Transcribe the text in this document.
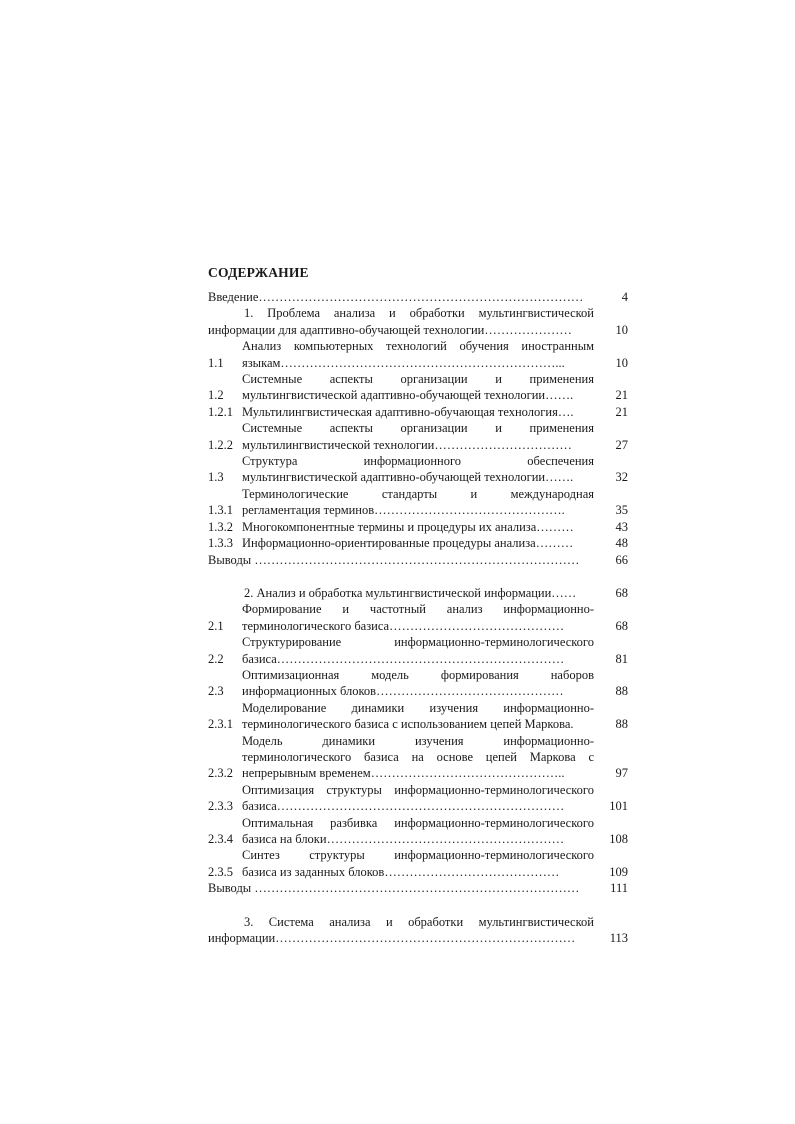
СОДЕРЖАНИЕ
Введение……………………………………………………………………	4
1. Проблема анализа и обработки мультингвистической
информации для адаптивно-обучающей технологии…………………	10
1.1
Анализ компьютерных технологий обучения иностранным
языкам…………………………………………………………...	10
1.2
Системные аспекты организации и применения
мультингвистической адаптивно-обучающей технологии…….	21
1.2.1 Мультилингвистическая адаптивно-обучающая технология….	21
1.2.2
Системные аспекты организации и применения
мультилингвистической технологии……………………………	27
1.3
Структура информационного обеспечения
мультингвистической адаптивно-обучающей технологии…….	32
1.3.1
Терминологические стандарты и международная
регламентация терминов……………………………………….	35
1.3.2 Многокомпонентные термины и процедуры их анализа………	43
1.3.3 Информационно-ориентированные процедуры анализа………	48
Выводы ……………………………………………………………………	66
2. Анализ и обработка мультингвистической информации……	68
2.1
Формирование и частотный анализ информационно-
терминологического базиса……………………………………	68
2.2
Структурирование информационно-терминологического
базиса……………………………………………………………	81
2.3
Оптимизационная модель формирования наборов
информационных блоков………………………………………	88
2.3.1
Моделирование динамики изучения информационно-
терминологического базиса с использованием цепей Маркова.	88
2.3.2
Модель динамики изучения информационно-
терминологического базиса на основе цепей Маркова с
непрерывным временем………………………………………..	97
2.3.3
Оптимизация структуры информационно-терминологического
базиса……………………………………………………………	101
2.3.4
Оптимальная разбивка информационно-терминологического
базиса на блоки…………………………………………………	108
2.3.5
Синтез структуры информационно-терминологического
базиса из заданных блоков……………………………………	109
Выводы ……………………………………………………………………	111
3. Система анализа и обработки мультингвистической
информации………………………………………………………………	113
